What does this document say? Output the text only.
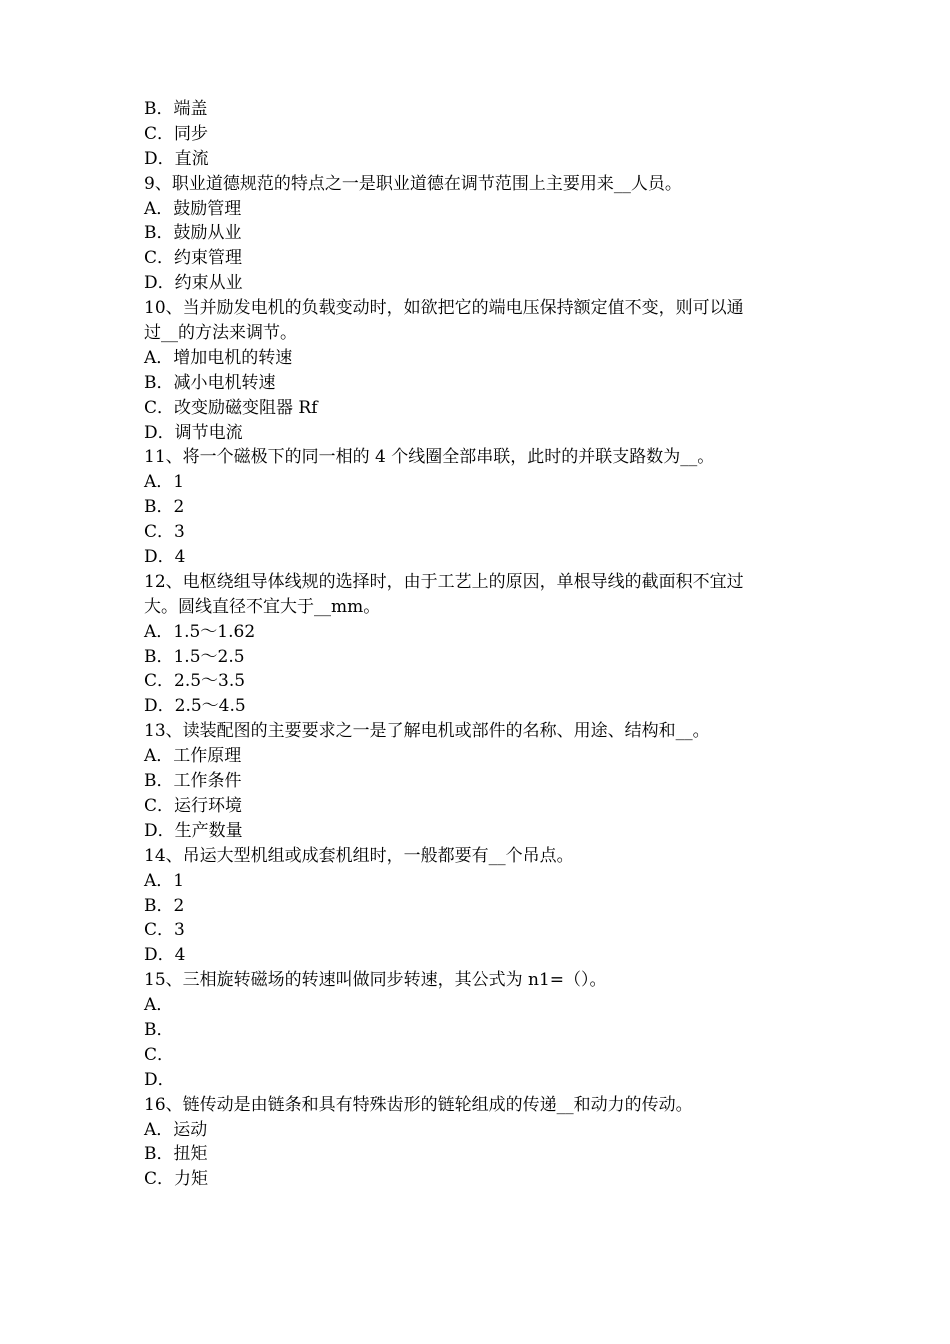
B．端盖
C．同步
D．直流
9、职业道德规范的特点之一是职业道德在调节范围上主要用来__人员。
A．鼓励管理
B．鼓励从业
C．约束管理
D．约束从业
10、当并励发电机的负载变动时，如欲把它的端电压保持额定值不变，则可以通
过__的方法来调节。
A．增加电机的转速
B．减小电机转速
C．改变励磁变阻器 Rf
D．调节电流
11、将一个磁极下的同一相的 4 个线圈全部串联，此时的并联支路数为__。
A．1
B．2
C．3
D．4
12、电枢绕组导体线规的选择时，由于工艺上的原因，单根导线的截面积不宜过
大。圆线直径不宜大于__mm。
A．1.5～1.62
B．1.5～2.5
C．2.5～3.5
D．2.5～4.5
13、读装配图的主要要求之一是了解电机或部件的名称、用途、结构和__。
A．工作原理
B．工作条件
C．运行环境
D．生产数量
14、吊运大型机组或成套机组时，一般都要有__个吊点。
A．1
B．2
C．3
D．4
15、三相旋转磁场的转速叫做同步转速，其公式为 n1=（）。
A．
B．
C．
D．
16、链传动是由链条和具有特殊齿形的链轮组成的传递__和动力的传动。
A．运动
B．扭矩
C．力矩
